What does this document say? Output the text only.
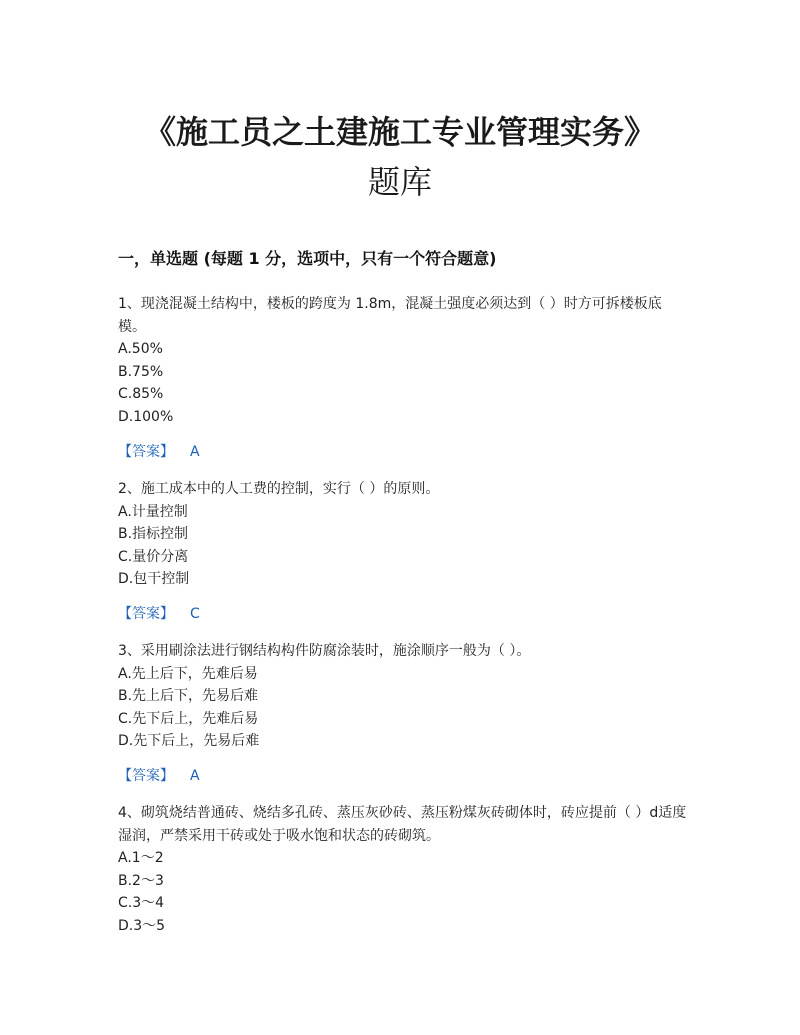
《施工员之土建施工专业管理实务》
题库
一，单选题 (每题 1 分，选项中，只有一个符合题意)

1、现浇混凝土结构中，楼板的跨度为 1.8m，混凝土强度必须达到（ ）时方可拆楼板底模。

A.50%

B.75%

C.85%

D.100%

【答案】 A

2、施工成本中的人工费的控制，实行（ ）的原则。

A.计量控制

B.指标控制

C.量价分离

D.包干控制

【答案】 C

3、采用刷涂法进行钢结构构件防腐涂装时，施涂顺序一般为（ ）。

A.先上后下，先难后易

B.先上后下，先易后难

C.先下后上，先难后易

D.先下后上，先易后难

【答案】 A

4、砌筑烧结普通砖、烧结多孔砖、蒸压灰砂砖、蒸压粉煤灰砖砌体时，砖应提前（ ）d适度湿润，严禁采用干砖或处于吸水饱和状态的砖砌筑。

A.1～2

B.2～3

C.3～4

D.3～5
